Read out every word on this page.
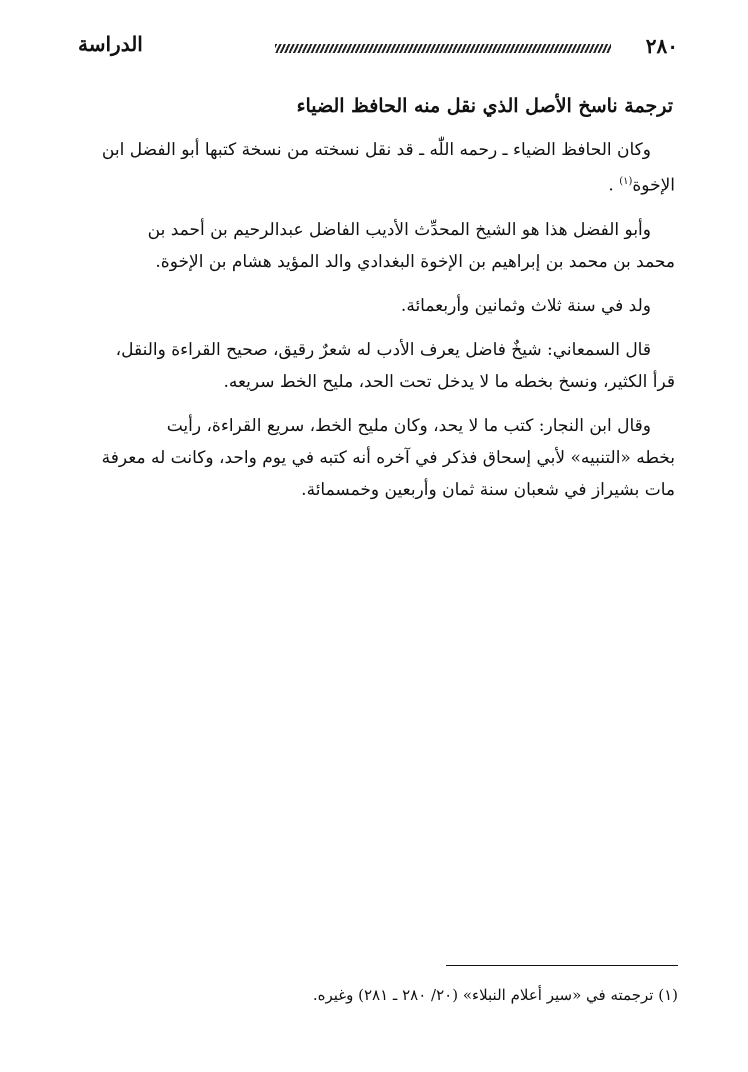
٢٨٠
الدراسة
ترجمة ناسخ الأصل الذي نقل منه الحافظ الضياء

وكان الحافظ الضياء ـ رحمه اللّٰه ـ قد نقل نسخته من نسخة كتبها أبو الفضل ابن
الإخوة$^{(١)}$ .

وأبو الفضل هذا هو الشيخ المحدِّث الأديب الفاضل عبدالرحيم بن أحمد بن
محمد بن محمد بن إبراهيم بن الإخوة البغدادي والد المؤيد هشام بن الإخوة.

ولد في سنة ثلاث وثمانين وأربعمائة.

قال السمعاني: شيخٌ فاضل يعرف الأدب له شعرٌ رقيق، صحيح القراءة والنقل،
قرأ الكثير، ونسخ بخطه ما لا يدخل تحت الحد، مليح الخط سريعه.

وقال ابن النجار: كتب ما لا يحد، وكان مليح الخط، سريع القراءة، رأيت
بخطه «التنبيه» لأبي إسحاق فذكر في آخره أنه كتبه في يوم واحد، وكانت له معرفة
مات بشيراز في شعبان سنة ثمان وأربعين وخمسمائة.

(١) ترجمته في «سير أعلام النبلاء» (٢٠/ ٢٨٠ ـ ٢٨١) وغيره.
